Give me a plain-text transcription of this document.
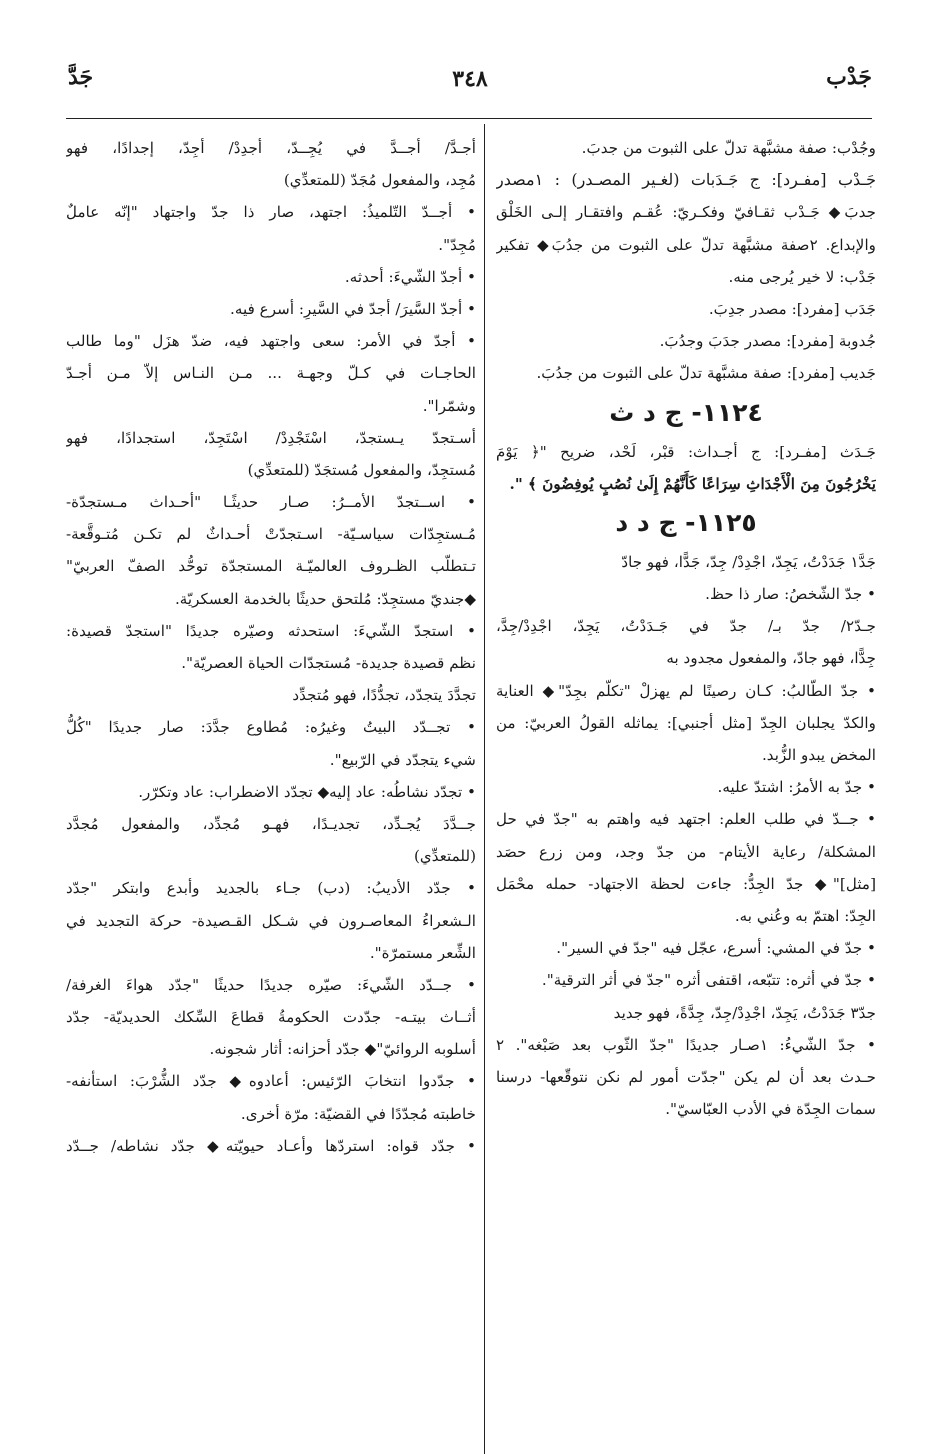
جَدْب
٣٤٨
جَدَّ
وجُدْب: صفة مشبَّهة تدلّ على الثبوت من جدبَ.
جَـدْب [مفـرد]: ج جَـدَبات (لغـير المصـدر) : ١مصدر
جدبَ◆ جَـدْب ثقـافيّ وفكـريّ: عُقـم وافتقـار إلـى الخَلْق
والإبداع. ٢صفة مشبَّهة تدلّ على الثبوت من جدُبَ◆ تفكير
جَدْب: لا خير يُرجى منه.
جَدَب [مفرد]: مصدر جدِبَ.
جُدوبة [مفرد]: مصدر جدَبَ وجدُبَ.
جَديب [مفرد]: صفة مشبَّهة تدلّ على الثبوت من جدُبَ.
١١٢٤- ج د ث
جَـدَث [مفـرد]: ج أجـداث: قبْر، لَحْد، ضريح "﴿ يَوْمَ
يَخْرُجُونَ مِنَ الْأَجْدَاثِ سِرَاعًا كَأَنَّهُمْ إِلَىٰ نُصُبٍ يُوفِضُونَ ﴾ ".
١١٢٥- ج د د
جَدَّ١ جَدَدْتُ، يَجِدّ، اجْدِدْ/ جِدّ، جَدًّا، فهو جادّ
• جدّ الشّخصُ: صار ذا حظ.
جـدّ٢/ جدّ بـ/ جدّ في جَـدَدْتُ، يَجِدّ، اجْدِدْ/جِدَّ،
جِدًّا، فهو جادّ، والمفعول مجدود به
• جدّ الطّالبُ: كـان رصينًا لم يهزلْ "تكلّم بجِدّ"◆ العناية
والكدّ يجلبان الجِدّ [مثل أجنبي]: يماثله القولُ العربيّ: من
المخض يبدو الزُّبد.
• جدّ به الأمرُ: اشتدّ عليه.
• جــدّ في طلب العلم: اجتهد فيه واهتم به "جدّ في حل
المشكلة/ رعاية الأيتام- من جدّ وجد، ومن زرع حصَد
[مثل]"◆ جدّ الجِدُّ: جاءت لحظة الاجتهاد- حمله محْمَل
الجِدّ: اهتمّ به وعُني به.
• جدّ في المشي: أسرع، عجّل فيه "جدّ في السير".
• جدّ في أثره: تتبّعه، اقتفى أثره "جدّ في أثر الترقية".
جدّ٣ جَدَدْتُ، يَجِدّ، اجْدِدْ/جِدّ، جِدَّةً، فهو جديد
• جدّ الشّيءُ: ١صـار جديدًا "جدّ الثّوب بعد صَبْغه". ٢
حـدث بعد أن لم يكن "جدّت أمور لم نكن نتوقّعها- درسنا
سمات الجِدّة في الأدب العبّاسيّ".
أجـدَّ/ أجــدَّ في يُجِــدّ، أجدِدْ/ أجِدّ، إجدادًا، فهو
مُجِد، والمفعول مُجَدّ (للمتعدِّي)
• أجــدّ التّلميذُ: اجتهد، صار ذا جدّ واجتهاد "إنّه عاملٌ
مُجِدّ".
• أجدّ الشّيءَ: أحدثه.
• أجدّ السَّيرَ/ أجدّ في السَّيرِ: أسرع فيه.
• أجدّ في الأمر: سعى واجتهد فيه، ضدّ هزَل "وما طالب
الحاجـات في كـلّ وجهـة ... مـن النـاس إلاّ مـن أجـدّ
وشمّرا".
أسـتجدّ يـستجدّ، اسْتَجْدِدْ/ اسْتَجِدّ، استجدادًا، فهو
مُستجِدّ، والمفعول مُستجَدّ (للمتعدِّي)
• اســتجدّ الأمــرُ: صـار حديثًـا "أحـداث مـستجدّة-
مُـستجِدّات سياسـيّة- اسـتجدّتْ أحـداثٌ لم تكـن مُتـوقَّعة-
تـتطلّب الظـروف العالميّـة المستجدّة توحُّد الصفّ العربيّ"
◆جنديّ مستجِدّ: مُلتحق حديثًا بالخدمة العسكريّة.
• استجدّ الشّيءَ: استحدثه وصيّره جديدًا "استجدّ قصيدة:
نظم قصيدة جديدة- مُستجدّات الحياة العصريّة".
تجدَّدَ يتجدّد، تجدُّدًا، فهو مُتجدِّد
• تجــدّد البيتُ وغيرُه: مُطاوع جدَّدَ: صار جديدًا "كُلُّ
شيء يتجدّد في الرّبيع".
• تجدّد نشاطُه: عاد إليه◆ تجدّد الاضطراب: عاد وتكرّر.
جــدَّدَ يُجـدِّد، تجديـدًا، فهـو مُجدِّد، والمفعول مُجدَّد
(للمتعدِّي)
• جدّد الأديبُ: (دب) جـاء بالجديد وأبدع وابتكر "جدّد
الـشعراءُ المعاصـرون في شـكل القـصيدة- حركة التجديد في
الشِّعر مستمرّة".
• جــدّد الشّيءَ: صيّره جديدًا حديثًا "جدّد هواءَ الغرفة/
أثــاث بيتـه- جدّدت الحكومةُ قطاعَ السِّكك الحديديّة- جدّد
أسلوبه الروائيّ"◆ جدّد أحزانه: أثار شجونه.
• جدّدوا انتخابَ الرّئيس: أعادوه◆ جدّد الشُّرْبَ: استأنفه-
خاطبته مُجدّدًا في القضيّة: مرّة أخرى.
• جدّد قواه: استردّها وأعـاد حيويّته◆ جدّد نشاطه/ جــدّد
